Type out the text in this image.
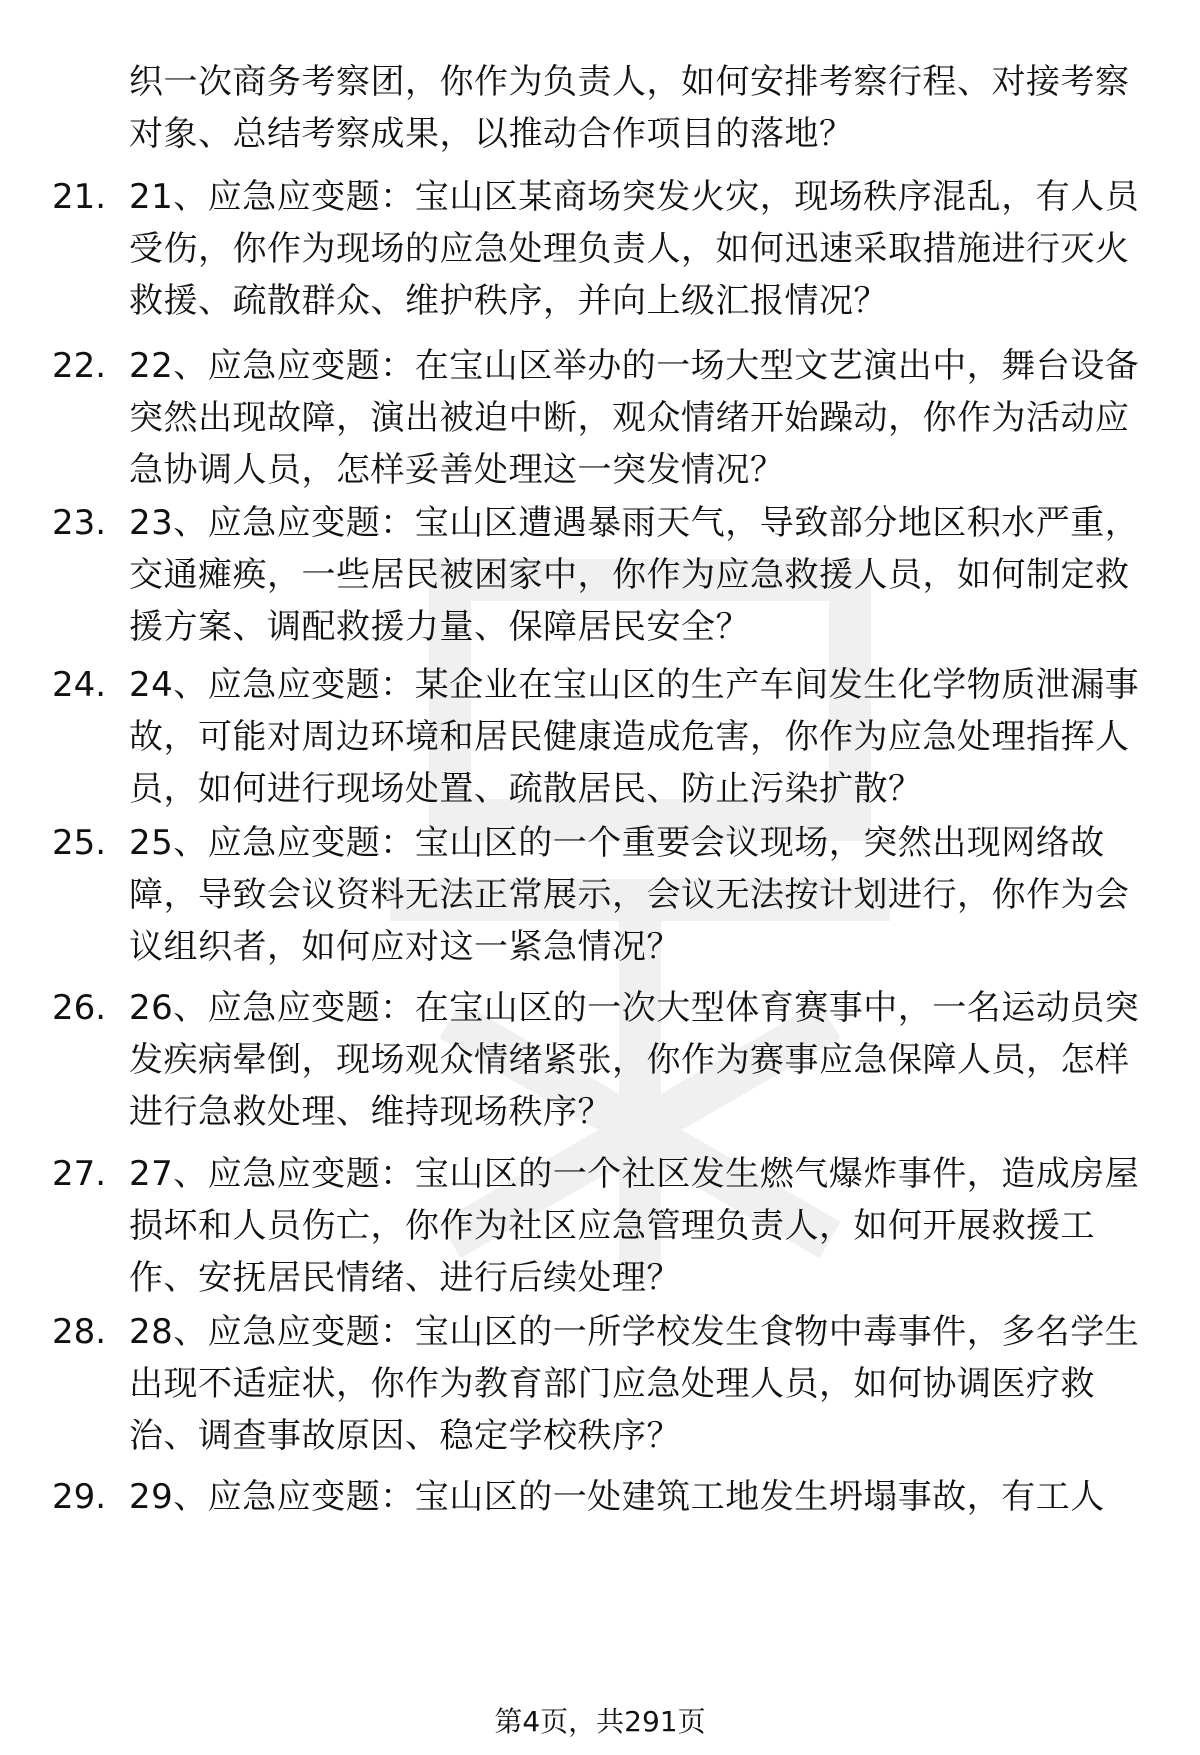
织一次商务考察团，你作为负责人，如何安排考察行程、对接考察对象、总结考察成果，以推动合作项目的落地？
21. 21、应急应变题：宝山区某商场突发火灾，现场秩序混乱，有人员受伤，你作为现场的应急处理负责人，如何迅速采取措施进行灭火救援、疏散群众、维护秩序，并向上级汇报情况？
22. 22、应急应变题：在宝山区举办的一场大型文艺演出中，舞台设备突然出现故障，演出被迫中断，观众情绪开始躁动，你作为活动应急协调人员，怎样妥善处理这一突发情况？
23. 23、应急应变题：宝山区遭遇暴雨天气，导致部分地区积水严重，交通瘫痪，一些居民被困家中，你作为应急救援人员，如何制定救援方案、调配救援力量、保障居民安全？
24. 24、应急应变题：某企业在宝山区的生产车间发生化学物质泄漏事故，可能对周边环境和居民健康造成危害，你作为应急处理指挥人员，如何进行现场处置、疏散居民、防止污染扩散？
25. 25、应急应变题：宝山区的一个重要会议现场，突然出现网络故障，导致会议资料无法正常展示，会议无法按计划进行，你作为会议组织者，如何应对这一紧急情况？
26. 26、应急应变题：在宝山区的一次大型体育赛事中，一名运动员突发疾病晕倒，现场观众情绪紧张，你作为赛事应急保障人员，怎样进行急救处理、维持现场秩序？
27. 27、应急应变题：宝山区的一个社区发生燃气爆炸事件，造成房屋损坏和人员伤亡，你作为社区应急管理负责人，如何开展救援工作、安抚居民情绪、进行后续处理？
28. 28、应急应变题：宝山区的一所学校发生食物中毒事件，多名学生出现不适症状，你作为教育部门应急处理人员，如何协调医疗救治、调查事故原因、稳定学校秩序？
29. 29、应急应变题：宝山区的一处建筑工地发生坍塌事故，有工人
第4页，共291页
